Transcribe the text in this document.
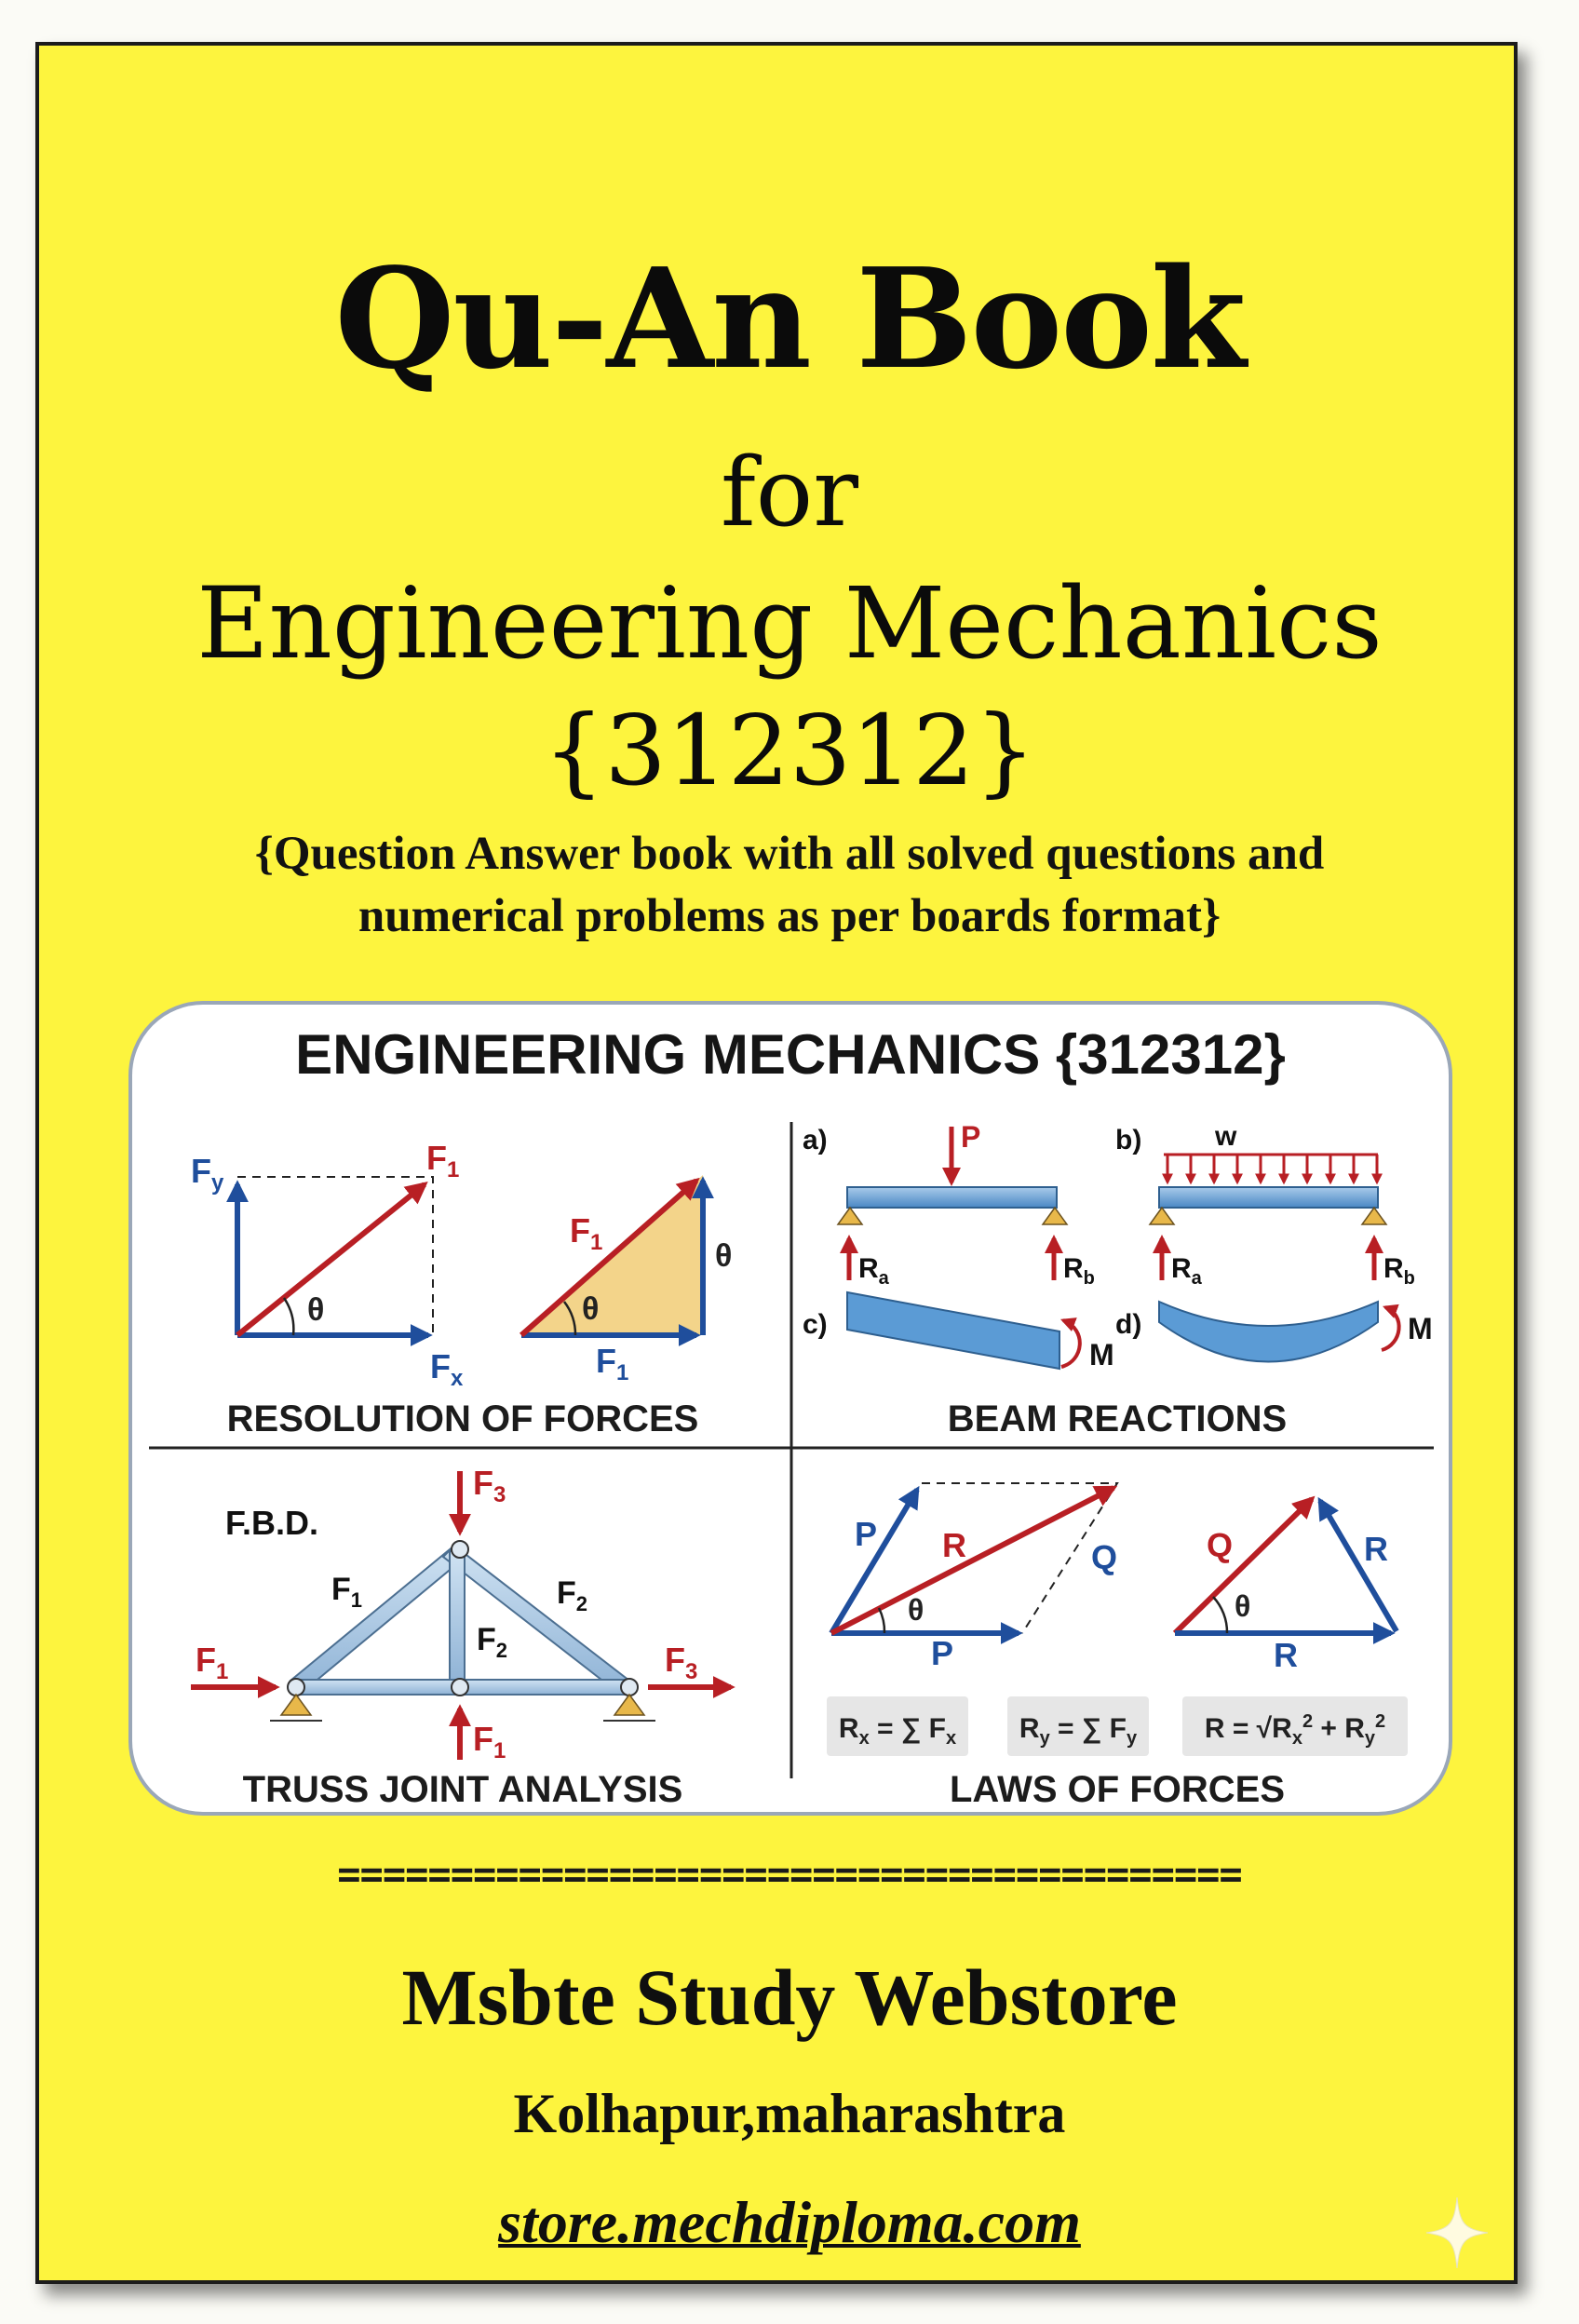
Qu-An Book
for
Engineering Mechanics
{312312}
{Question Answer book with all solved questions and
numerical problems as per boards format}
ENGINEERING MECHANICS {312312}
$F_y$
$F_x$
$F_1$
θ
$F_1$
$F_1$
θ
θ
RESOLUTION OF FORCES
a)	P
$R_a$	$R_b$
b)	w
$R_a$	$R_b$
c)
M
d)	M
BEAM REACTIONS
F.B.D.
$F_3$
$F_1$	$F_3$
$F_1$
$F_1$	$F_2$
$F_2$
TRUSS JOINT ANALYSIS
P
P
R	Q
θ
Q	R
R
θ
$R_x$ = ∑ $F_x$ $R_y$ = ∑ $F_y$ $R = √R_x^2 + R_y^2$
LAWS OF FORCES
========================================
Msbte Study Webstore
Kolhapur,maharashtra
store.mechdiploma.com
